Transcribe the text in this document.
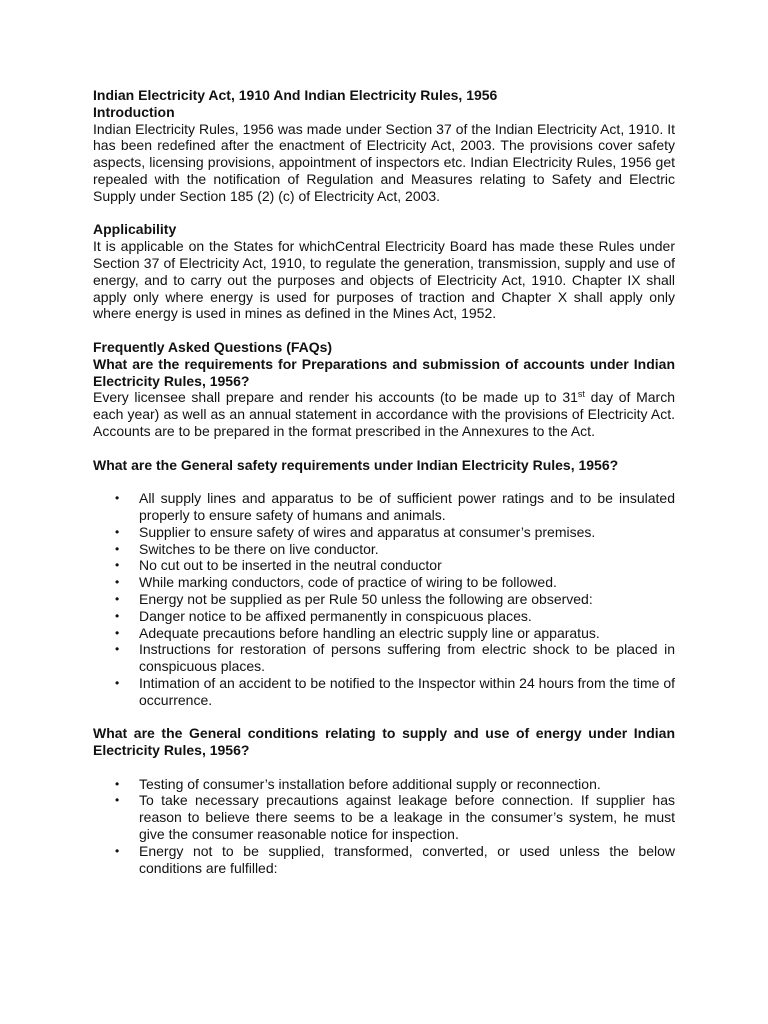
Indian Electricity Act, 1910 And Indian Electricity Rules, 1956

Introduction

Indian Electricity Rules, 1956 was made under Section 37 of the Indian Electricity Act, 1910. It has been redefined after the enactment of Electricity Act, 2003. The provisions cover safety aspects, licensing provisions, appointment of inspectors etc. Indian Electricity Rules, 1956 get repealed with the notification of Regulation and Measures relating to Safety and Electric Supply under Section 185 (2) (c) of Electricity Act, 2003.

Applicability

It is applicable on the States for whichCentral Electricity Board has made these Rules under Section 37 of Electricity Act, 1910, to regulate the generation, transmission, supply and use of energy, and to carry out the purposes and objects of Electricity Act, 1910. Chapter IX shall apply only where energy is used for purposes of traction and Chapter X shall apply only where energy is used in mines as defined in the Mines Act, 1952.

Frequently Asked Questions (FAQs)

What are the requirements for Preparations and submission of accounts under Indian Electricity Rules, 1956?

Every licensee shall prepare and render his accounts (to be made up to 31st day of March each year) as well as an annual statement in accordance with the provisions of Electricity Act. Accounts are to be prepared in the format prescribed in the Annexures to the Act.

What are the General safety requirements under Indian Electricity Rules, 1956?

• All supply lines and apparatus to be of sufficient power ratings and to be insulated properly to ensure safety of humans and animals.
• Supplier to ensure safety of wires and apparatus at consumer’s premises.
• Switches to be there on live conductor.
• No cut out to be inserted in the neutral conductor
• While marking conductors, code of practice of wiring to be followed.
• Energy not be supplied as per Rule 50 unless the following are observed:
• Danger notice to be affixed permanently in conspicuous places.
• Adequate precautions before handling an electric supply line or apparatus.
• Instructions for restoration of persons suffering from electric shock to be placed in conspicuous places.
• Intimation of an accident to be notified to the Inspector within 24 hours from the time of occurrence.

What are the General conditions relating to supply and use of energy under Indian Electricity Rules, 1956?

• Testing of consumer’s installation before additional supply or reconnection.
• To take necessary precautions against leakage before connection. If supplier has reason to believe there seems to be a leakage in the consumer’s system, he must give the consumer reasonable notice for inspection.
• Energy not to be supplied, transformed, converted, or used unless the below conditions are fulfilled:
